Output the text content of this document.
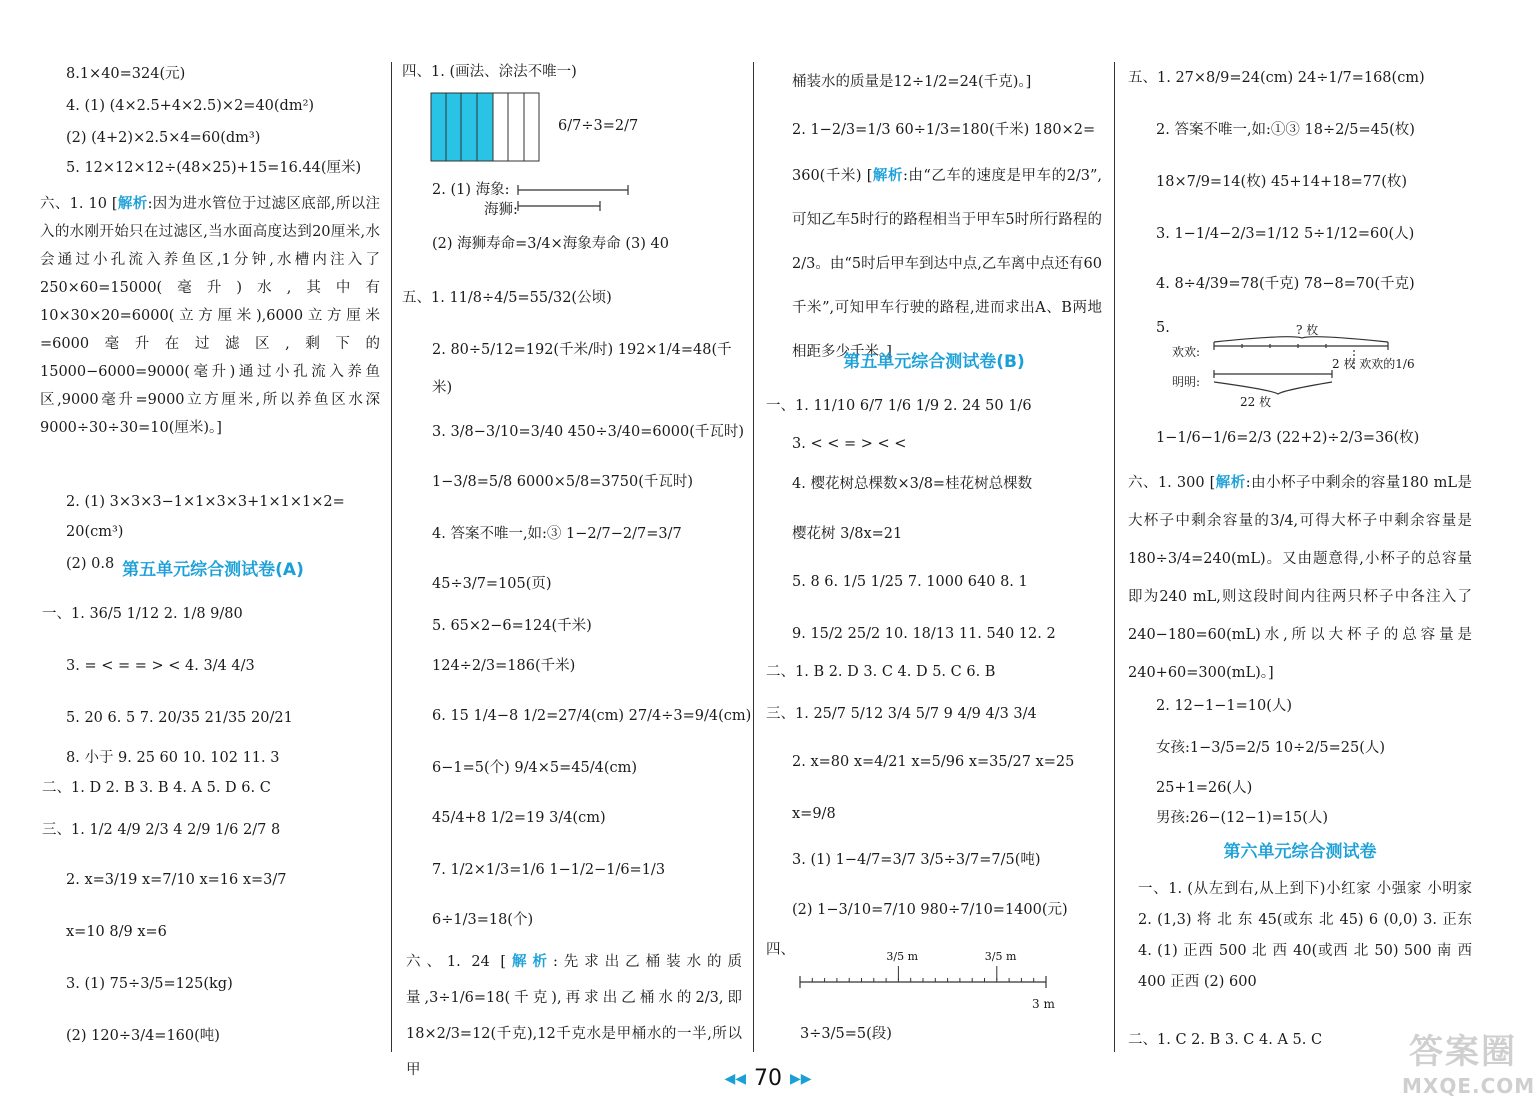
8.1×40=324(元)
4. (1) (4×2.5+4×2.5)×2=40(dm²)
(2) (4+2)×2.5×4=60(dm³)
5. 12×12×12÷(48×25)+15=16.44(厘米)
六、1. 10 [解析:因为进水管位于过滤区底部,所以注入的水刚开始只在过滤区,当水面高度达到20厘米,水会通过小孔流入养鱼区,1分钟,水槽内注入了250×60=15000(毫升)水,其中有10×30×20=6000(立方厘米),6000立方厘米=6000毫升在过滤区,剩下的15000−6000=9000(毫升)通过小孔流入养鱼区,9000毫升=9000立方厘米,所以养鱼区水深9000÷30÷30=10(厘米)。]
2. (1) 3×3×3−1×1×3×3+1×1×1×2=
20(cm³)
(2) 0.8 第五单元综合测试卷(A)
一、1. 36/5 1/12 2. 1/8 9/80
3. = < = = > < 4. 3/4 4/3
5. 20 6. 5 7. 20/35 21/35 20/21
8. 小于 9. 25 60 10. 102 11. 3
二、1. D 2. B 3. B 4. A 5. D 6. C
三、1. 1/2 4/9 2/3 4 2/9 1/6 2/7 8
2. x=3/19 x=7/10 x=16 x=3/7
x=10 8/9 x=6
3. (1) 75÷3/5=125(kg)
(2) 120÷3/4=160(吨)
四、1. (画法、涂法不唯一)
6/7÷3=2/7
2. (1) 海象:
海狮:
(2) 海狮寿命=3/4×海象寿命 (3) 40
五、1. 11/8÷4/5=55/32(公顷)
2. 80÷5/12=192(千米/时) 192×1/4=48(千
米)
3. 3/8−3/10=3/40 450÷3/40=6000(千瓦时)
1−3/8=5/8 6000×5/8=3750(千瓦时)
4. 答案不唯一,如:③ 1−2/7−2/7=3/7
45÷3/7=105(页)
5. 65×2−6=124(千米)
124÷2/3=186(千米)
6. 15 1/4−8 1/2=27/4(cm) 27/4÷3=9/4(cm)
6−1=5(个) 9/4×5=45/4(cm)
45/4+8 1/2=19 3/4(cm)
7. 1/2×1/3=1/6 1−1/2−1/6=1/3
6÷1/3=18(个)
六、1. 24 [解析:先求出乙桶装水的质量,3÷1/6=18(千克),再求出乙桶水的2/3,即18×2/3=12(千克),12千克水是甲桶水的一半,所以甲
桶装水的质量是12÷1/2=24(千克)。]
2. 1−2/3=1/3 60÷1/3=180(千米) 180×2=
360(千米) [解析:由“乙车的速度是甲车的2/3”,可知乙车5时行的路程相当于甲车5时所行路程的2/3。由“5时后甲车到达中点,乙车离中点还有60千米”,可知甲车行驶的路程,进而求出A、B两地相距多少千米。]
第五单元综合测试卷(B)
一、1. 11/10 6/7 1/6 1/9 2. 24 50 1/6
3. < < = > < <
4. 樱花树总棵数×3/8=桂花树总棵数
樱花树 3/8x=21
5. 8 6. 1/5 1/25 7. 1000 640 8. 1
9. 15/2 25/2 10. 18/13 11. 540 12. 2
二、1. B 2. D 3. C 4. D 5. C 6. B
三、1. 25/7 5/12 3/4 5/7 9 4/9 4/3 3/4
2. x=80 x=4/21 x=5/96 x=35/27 x=25
x=9/8
3. (1) 1−4/7=3/7 3/5÷3/7=7/5(吨)
(2) 1−3/10=7/10 980÷7/10=1400(元)
四、	3/5 m	3/5 m
3 m
3÷3/5=5(段)
五、1. 27×8/9=24(cm) 24÷1/7=168(cm)
2. 答案不唯一,如:①③ 18÷2/5=45(枚)
18×7/9=14(枚) 45+14+18=77(枚)
3. 1−1/4−2/3=1/12 5÷1/12=60(人)
4. 8÷4/39=78(千克) 78−8=70(千克)
5.	? 枚
欢欢:
明明:
2 枚 欢欢的1/6
22 枚
1−1/6−1/6=2/3 (22+2)÷2/3=36(枚)
六、1. 300 [解析:由小杯子中剩余的容量180 mL是大杯子中剩余容量的3/4,可得大杯子中剩余容量是180÷3/4=240(mL)。又由题意得,小杯子的总容量即为240 mL,则这段时间内往两只杯子中各注入了240−180=60(mL)水,所以大杯子的总容量是240+60=300(mL)。]
2. 12−1−1=10(人)
女孩:1−3/5=2/5 10÷2/5=25(人)
25+1=26(人)
男孩:26−(12−1)=15(人)
第六单元综合测试卷
一、1. (从左到右,从上到下)小红家 小强家 小明家 2. (1,3) 将 北 东 45(或东 北 45) 6 (0,0) 3. 正东 4. (1) 正西 500 北 西 40(或西 北 50) 500 南 西 400 正西 (2) 600
二、1. C 2. B 3. C 4. A 5. C
◀◀ 70 ▶▶
答案圈
MXQE.COM
